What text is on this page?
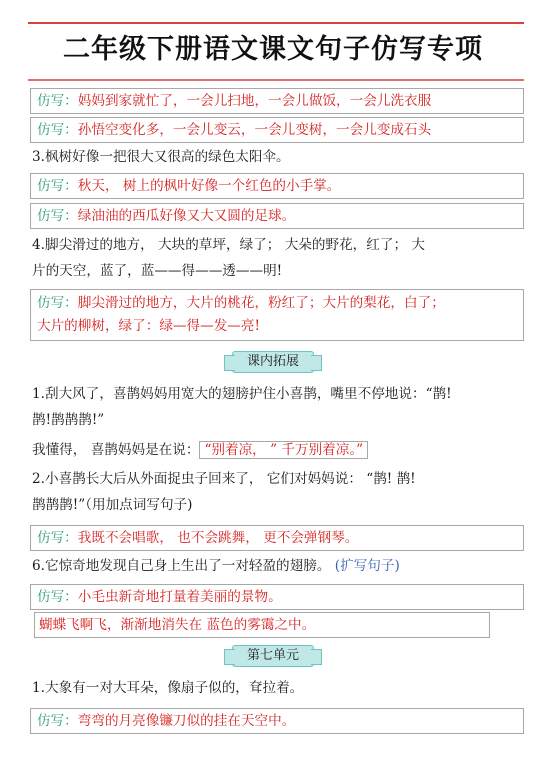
二年级下册语文课文句子仿写专项
仿写：妈妈到家就忙了，一会儿扫地，一会儿做饭，一会儿洗衣服
仿写：孙悟空变化多，一会儿变云，一会儿变树，一会儿变成石头
3.枫树好像一把很大又很高的绿色太阳伞。
仿写：秋天， 树上的枫叶好像一个红色的小手掌。
仿写：绿油油的西瓜好像又大又圆的足球。
4.脚尖滑过的地方， 大块的草坪，绿了； 大朵的野花，红了； 大
片的天空，蓝了，蓝——得——透——明!
仿写：脚尖滑过的地方，大片的桃花，粉红了；大片的梨花，白了；
大片的柳树，绿了：绿—得—发—亮!
课内拓展
1.刮大风了，喜鹊妈妈用宽大的翅膀护住小喜鹊，嘴里不停地说：“鹊!
鹊!鹊鹊鹊!”
我懂得， 喜鹊妈妈是在说： “别着凉， ” 千万别着凉。”
2.小喜鹊长大后从外面捉虫子回来了， 它们对妈妈说： “鹊! 鹊!
鹊鹊鹊!”（用加点词写句子)
仿写：我既不会唱歌， 也不会跳舞， 更不会弹钢琴。
6.它惊奇地发现自己身上生出了一对轻盈的翅膀。 (扩写句子)
仿写：小毛虫新奇地打量着美丽的景物。
蝴蝶飞啊飞，渐渐地消失在 蓝色的雾霭之中。
第七单元
1.大象有一对大耳朵，像扇子似的，耷拉着。
仿写：弯弯的月亮像镰刀似的挂在天空中。
